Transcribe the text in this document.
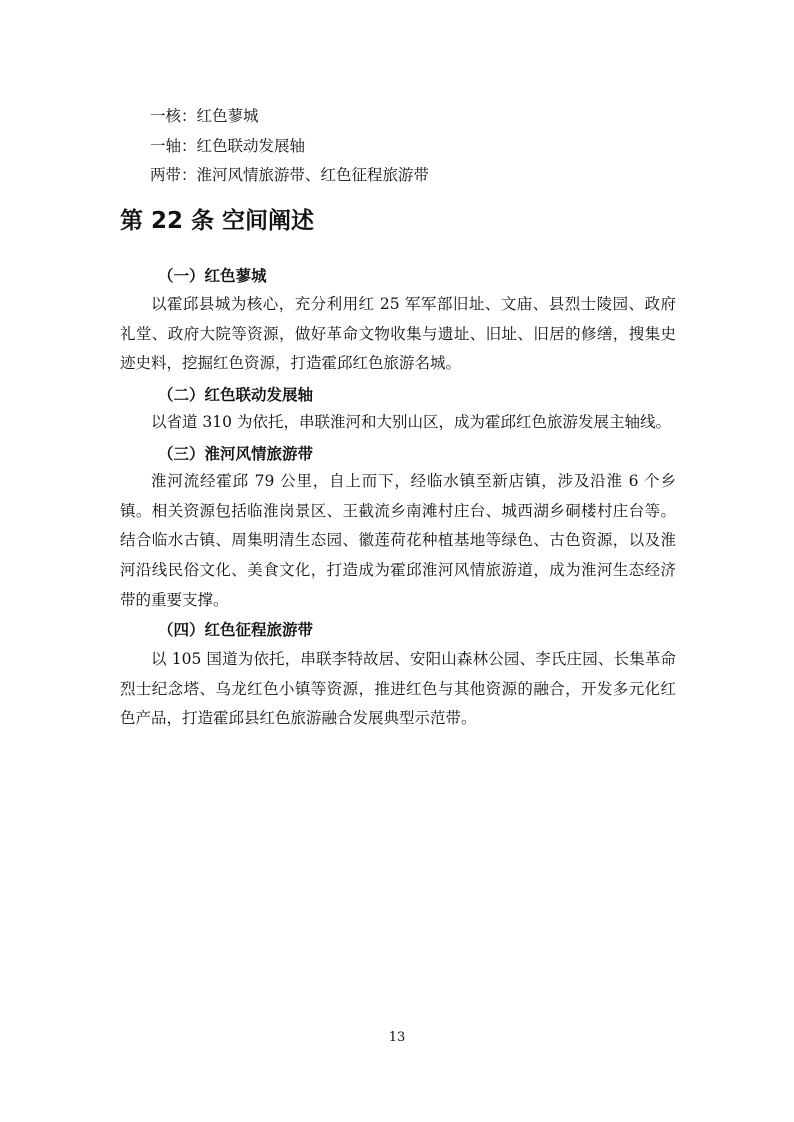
一核：红色蓼城
一轴：红色联动发展轴
两带：淮河风情旅游带、红色征程旅游带
第 22 条 空间阐述
（一）红色蓼城

以霍邱县城为核心，充分利用红 25 军军部旧址、文庙、县烈士陵园、政府礼堂、政府大院等资源，做好革命文物收集与遗址、旧址、旧居的修缮，搜集史迹史料，挖掘红色资源，打造霍邱红色旅游名城。

（二）红色联动发展轴

以省道 310 为依托，串联淮河和大别山区，成为霍邱红色旅游发展主轴线。

（三）淮河风情旅游带

淮河流经霍邱 79 公里，自上而下，经临水镇至新店镇，涉及沿淮 6 个乡镇。相关资源包括临淮岗景区、王截流乡南滩村庄台、城西湖乡硐楼村庄台等。结合临水古镇、周集明清生态园、徽莲荷花种植基地等绿色、古色资源，以及淮河沿线民俗文化、美食文化，打造成为霍邱淮河风情旅游道，成为淮河生态经济带的重要支撑。

（四）红色征程旅游带

以 105 国道为依托，串联李特故居、安阳山森林公园、李氏庄园、长集革命烈士纪念塔、乌龙红色小镇等资源，推进红色与其他资源的融合，开发多元化红色产品，打造霍邱县红色旅游融合发展典型示范带。

13
